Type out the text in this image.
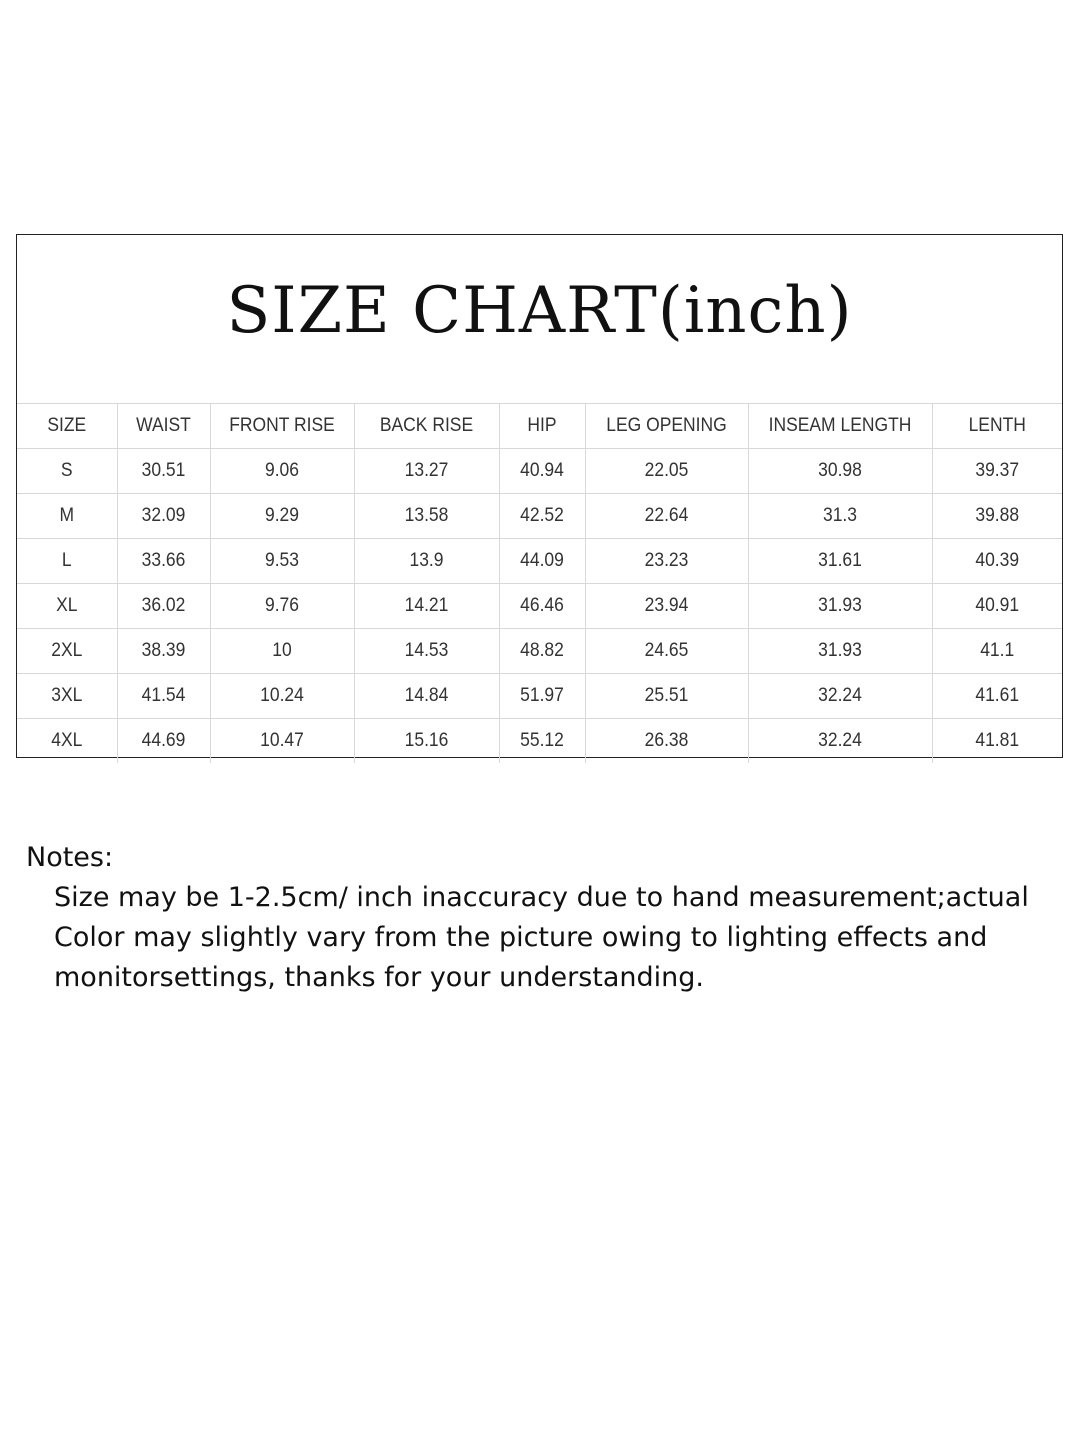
SIZE CHART(inch)
SIZE	WAIST	FRONT RISE	BACK RISE	HIP	LEG OPENING	INSEAM LENGTH	LENTH
S	30.51	9.06	13.27	40.94	22.05	30.98	39.37
M	32.09	9.29	13.58	42.52	22.64	31.3	39.88
L	33.66	9.53	13.9	44.09	23.23	31.61	40.39
XL	36.02	9.76	14.21	46.46	23.94	31.93	40.91
2XL	38.39	10	14.53	48.82	24.65	31.93	41.1
3XL	41.54	10.24	14.84	51.97	25.51	32.24	41.61
4XL	44.69	10.47	15.16	55.12	26.38	32.24	41.81
Notes:
Size may be 1-2.5cm/ inch inaccuracy due to hand measurement;actual Color may slightly vary from the picture owing to lighting effects and monitorsettings, thanks for your understanding.
